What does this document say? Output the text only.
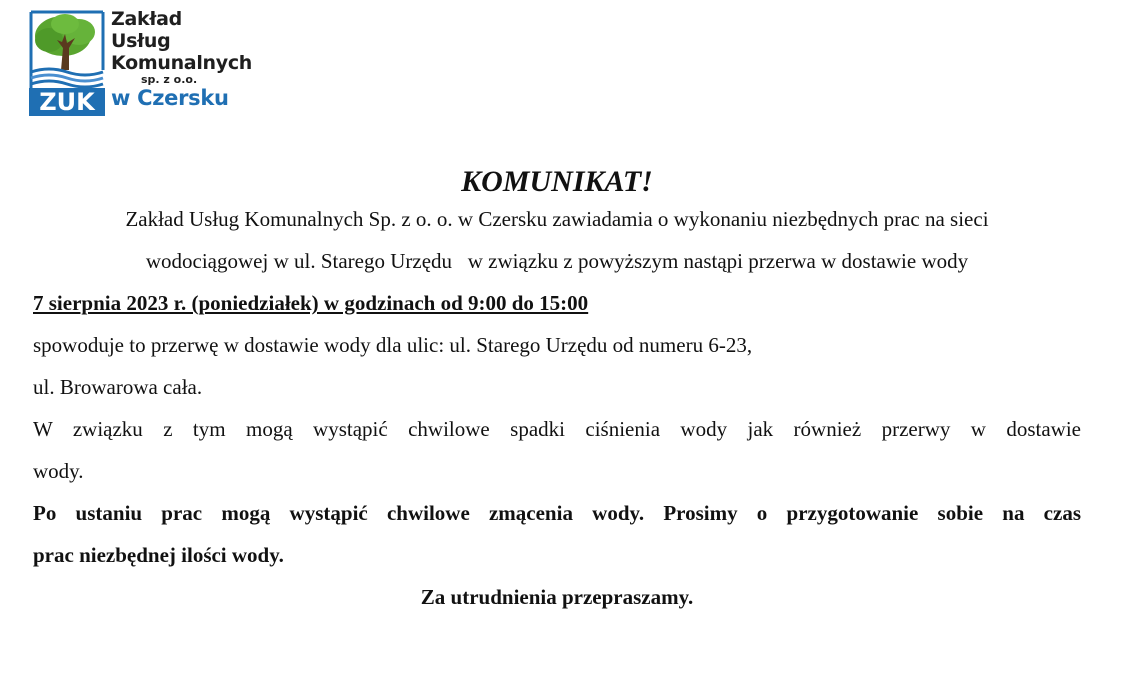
ZUK
Zakład
Usług
Komunalnych
sp. z o.o.
w Czersku
KOMUNIKAT!

Zakład Usług Komunalnych Sp. z o. o. w Czersku zawiadamia o wykonaniu niezbędnych prac na sieci

wodociągowej w ul. Starego Urzędu   w związku z powyższym nastąpi przerwa w dostawie wody

7 sierpnia 2023 r. (poniedziałek) w godzinach od 9:00 do 15:00

spowoduje to przerwę w dostawie wody dla ulic: ul. Starego Urzędu od numeru 6-23,

ul. Browarowa cała.

W związku z tym mogą wystąpić chwilowe spadki ciśnienia wody jak również przerwy w dostawie

wody.

Po ustaniu prac mogą wystąpić chwilowe zmącenia wody. Prosimy o przygotowanie sobie na czas

prac niezbędnej ilości wody.

Za utrudnienia przepraszamy.
